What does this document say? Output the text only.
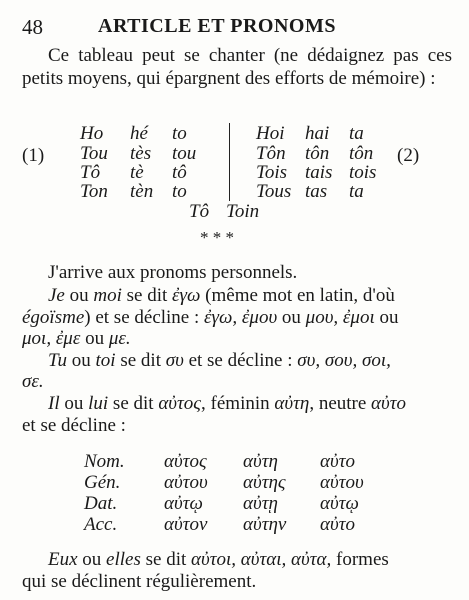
48	ARTICLE ET PRONOMS
Ce tableau peut se chanter (ne dédaignez pas ces petits moyens, qui épargnent des efforts de mémoire) :
(1)	(2)
Ho hé to
Tou tès tou
Tô tè tô
Ton tèn to
Hoi hai ta
Tôn tôn tôn
Tois tais tois
Tous tas ta
Tô Toin
* * *
J'arrive aux pronoms personnels.
Je ou moi se dit ἐγω (même mot en latin, d'où
égoïsme) et se décline : ἐγω, ἐμου ou μου, ἐμοι ou
μοι, ἐμε ou με.
Tu ou toi se dit συ et se décline : συ, σου, σοι,
σε.
Il ou lui se dit αὐτος, féminin αὐτη, neutre αὐτο
et se décline :
Nom. αὐτος αὐτη αὐτο
Gén. αὐτου αὐτης αὐτου
Dat. αὐτῳ αὐτῃ αὐτῳ
Acc. αὐτον αὐτην αὐτο
Eux ou elles se dit αὐτοι, αὐται, αὐτα, formes
qui se déclinent régulièrement.
